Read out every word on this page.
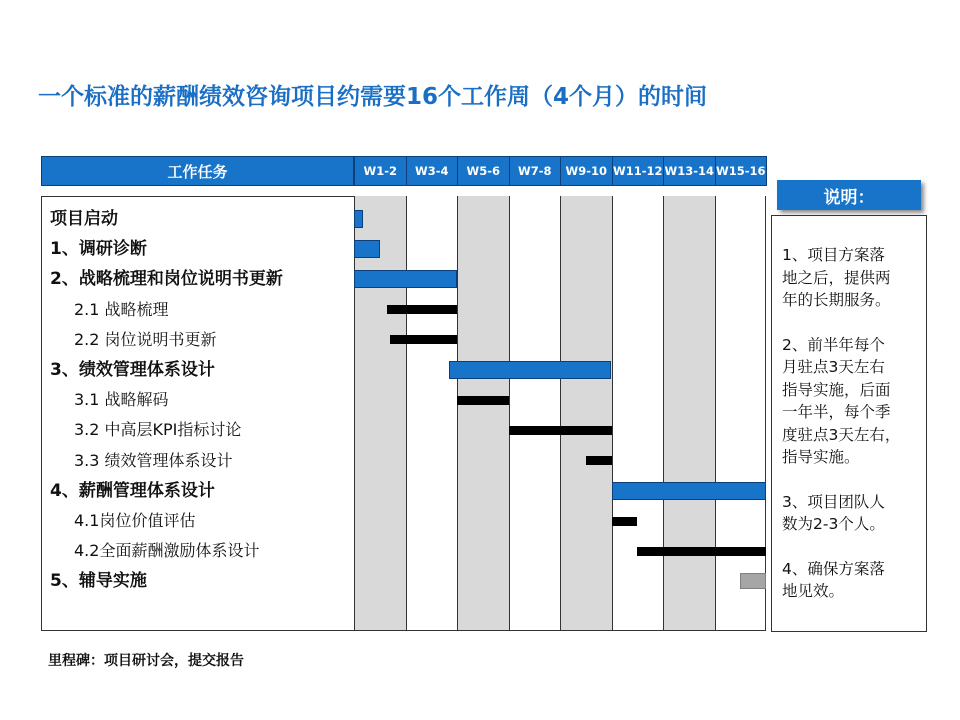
一个标准的薪酬绩效咨询项目约需要16个工作周（4个月）的时间
工作任务	W1-2	W3-4	W5-6	W7-8	W9-10 W11-12 W13-14 W15-16
项目启动
1、调研诊断
2、战略梳理和岗位说明书更新
2.1 战略梳理
2.2 岗位说明书更新
3、绩效管理体系设计
3.1 战略解码
3.2 中高层KPI指标讨论
3.3 绩效管理体系设计
4、薪酬管理体系设计
4.1岗位价值评估
4.2全面薪酬激励体系设计
5、辅导实施
说明：
1、项目方案落
地之后，提供两
年的长期服务。
2、前半年每个
月驻点3天左右
指导实施，后面
一年半，每个季
度驻点3天左右，
指导实施。
3、项目团队人
数为2-3个人。
4、确保方案落
地见效。
里程碑：项目研讨会，提交报告
